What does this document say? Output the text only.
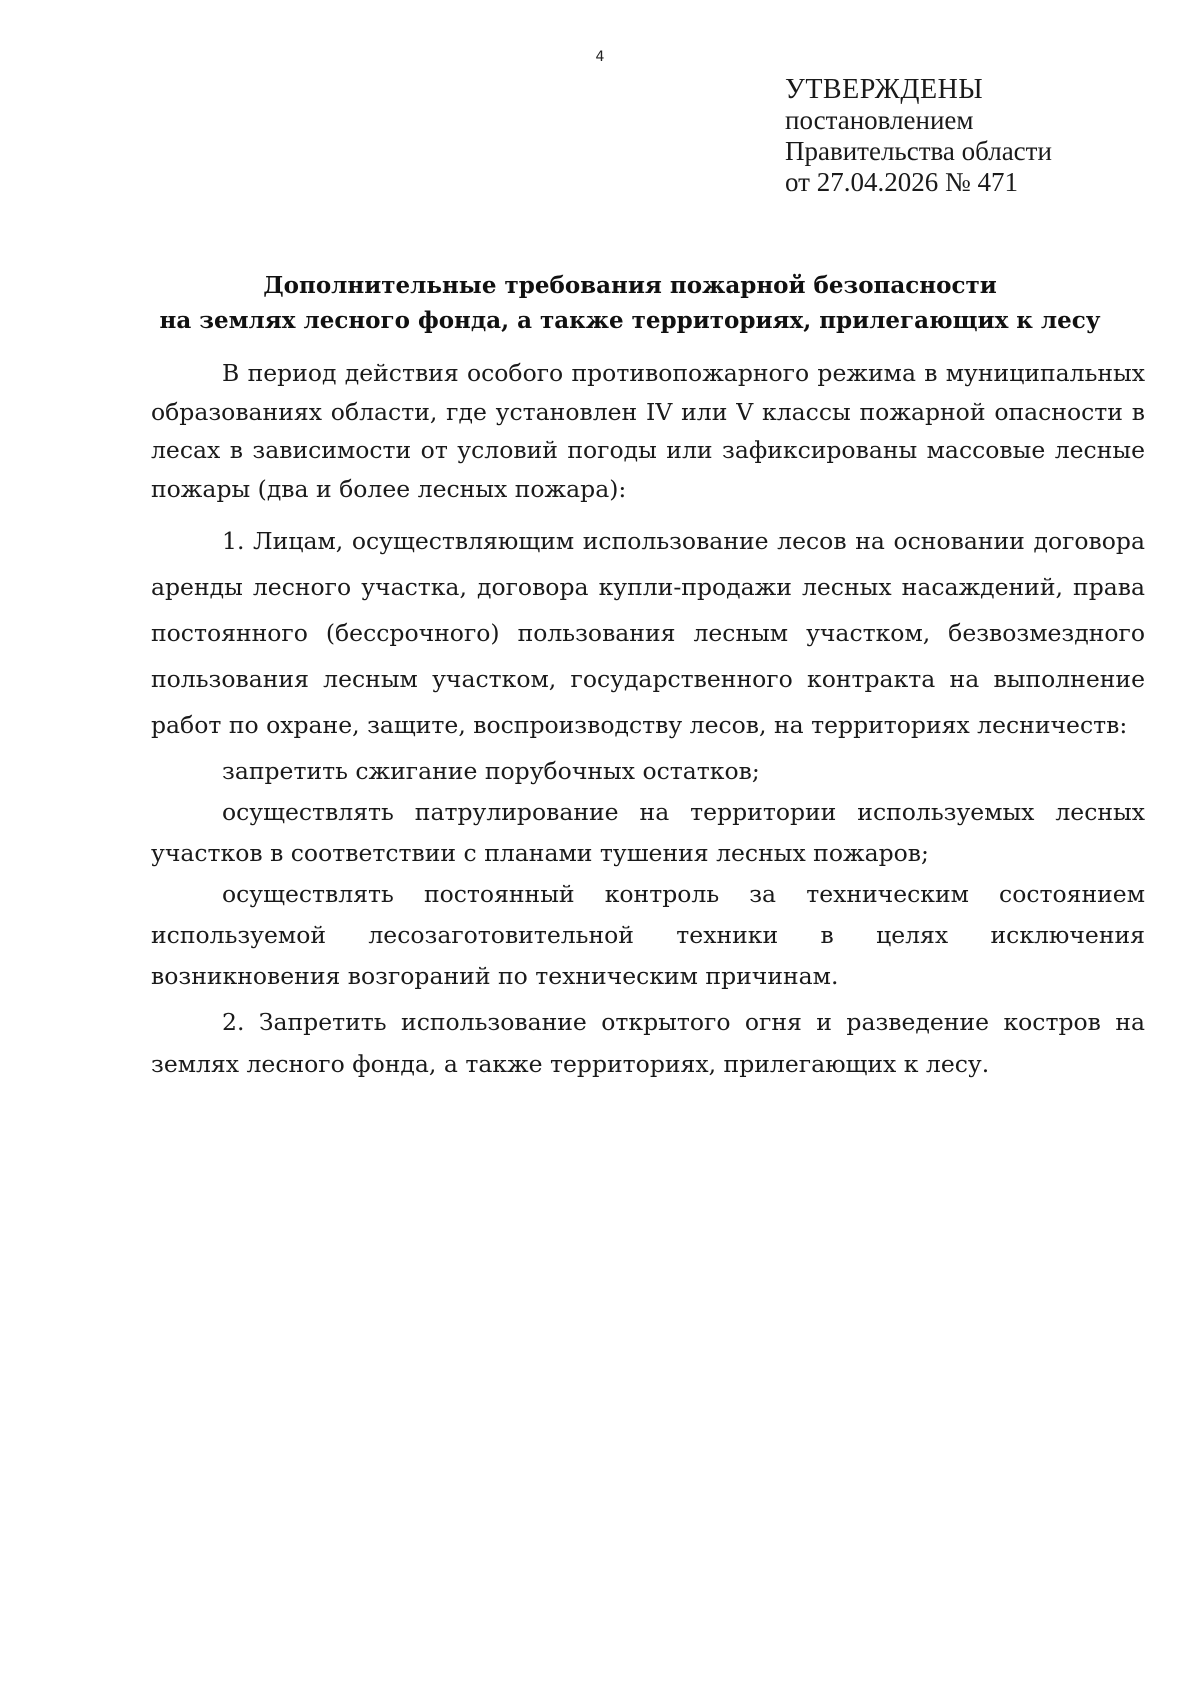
4
УТВЕРЖДЕНЫ
постановлением
Правительства области
от 27.04.2026 № 471
Дополнительные требования пожарной безопасности
на землях лесного фонда, а также территориях, прилегающих к лесу

В период действия особого противопожарного режима в муниципальных образованиях области, где установлен IV или V классы пожарной опасности в лесах в зависимости от условий погоды или зафиксированы массовые лесные пожары (два и более лесных пожара):

1. Лицам, осуществляющим использование лесов на основании договора аренды лесного участка, договора купли-продажи лесных насаждений, права постоянного (бессрочного) пользования лесным участком, безвозмездного пользования лесным участком, государственного контракта на выполнение работ по охране, защите, воспроизводству лесов, на территориях лесничеств:

запретить сжигание порубочных остатков;

осуществлять патрулирование на территории используемых лесных участков в соответствии с планами тушения лесных пожаров;

осуществлять постоянный контроль за техническим состоянием используемой лесозаготовительной техники в целях исключения возникновения возгораний по техническим причинам.

2. Запретить использование открытого огня и разведение костров на землях лесного фонда, а также территориях, прилегающих к лесу.
